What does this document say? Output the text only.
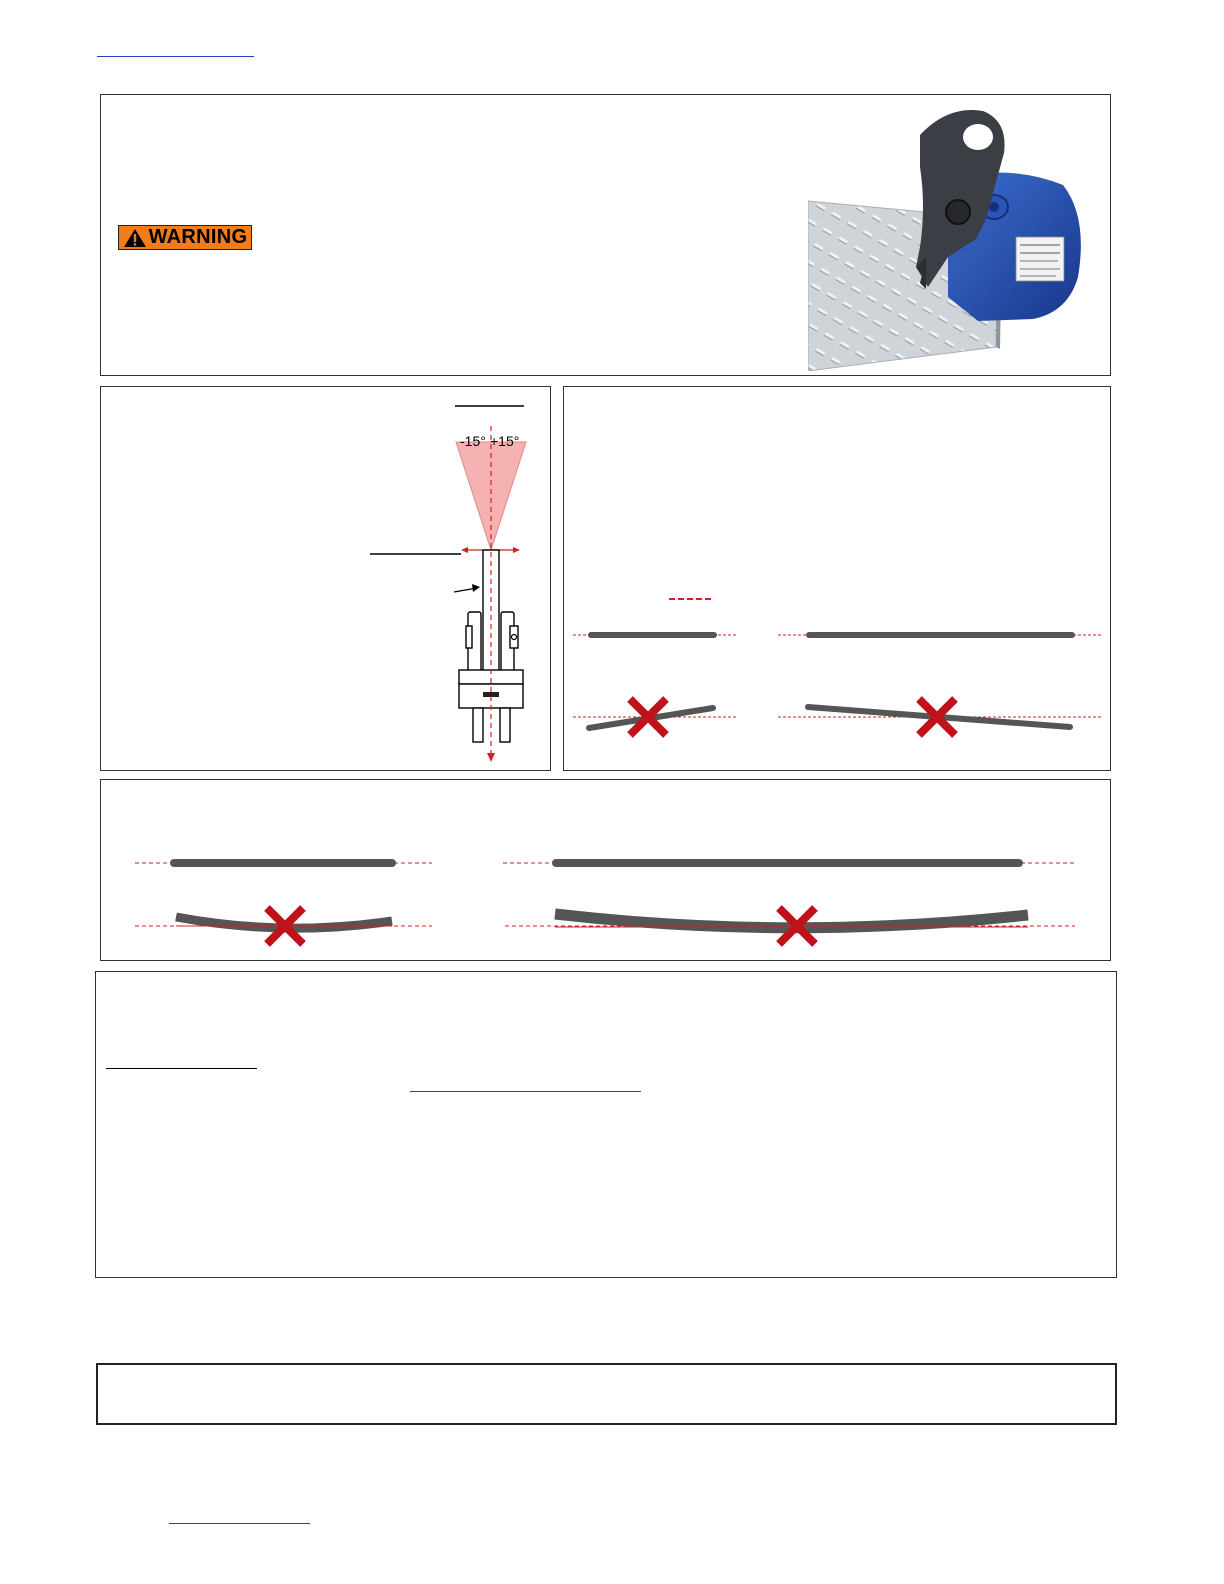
WARNING
-15° +15°
